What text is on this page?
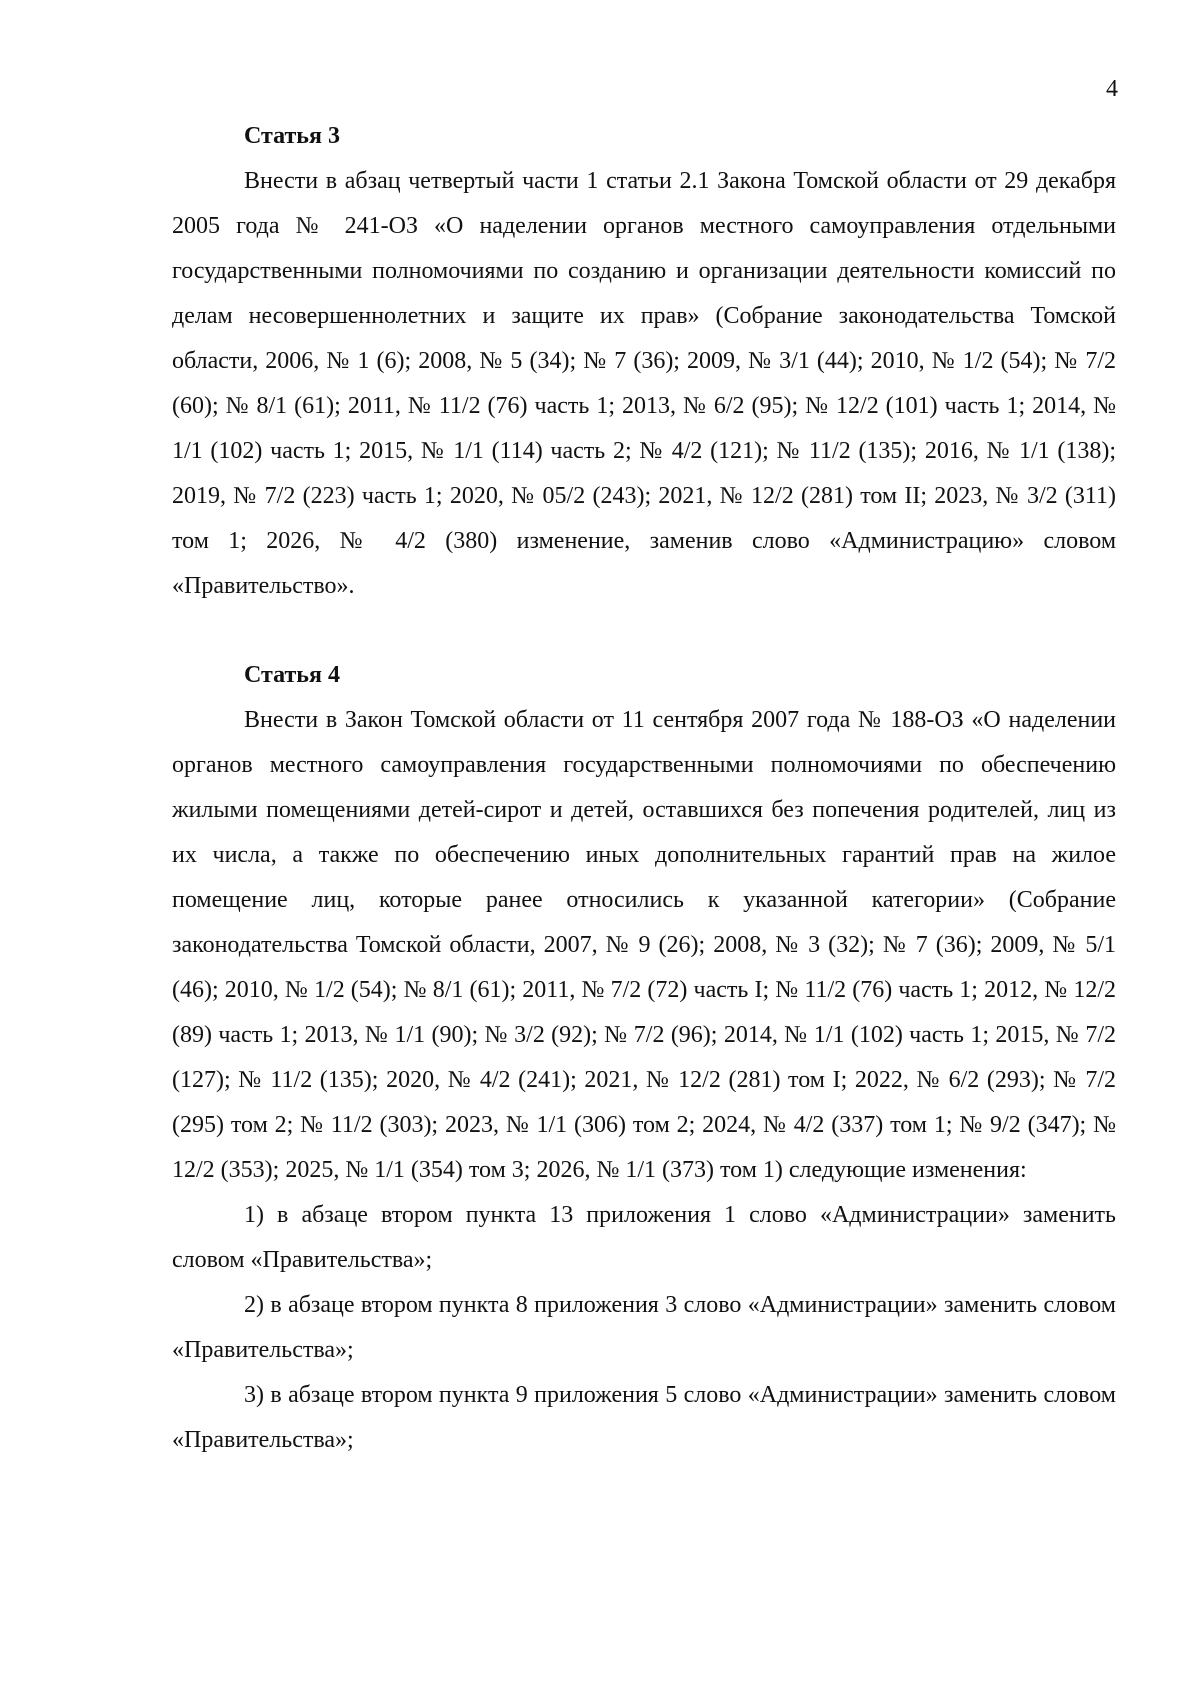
4
Статья 3

Внести в абзац четвертый части 1 статьи 2.1 Закона Томской области от 29 декабря 2005 года № 241-ОЗ «О наделении органов местного самоуправления отдельными государственными полномочиями по созданию и организации деятельности комиссий по делам несовершеннолетних и защите их прав» (Собрание законодательства Томской области, 2006, № 1 (6); 2008, № 5 (34); № 7 (36); 2009, № 3/1 (44); 2010, № 1/2 (54); № 7/2 (60); № 8/1 (61); 2011, № 11/2 (76) часть 1; 2013, № 6/2 (95); № 12/2 (101) часть 1; 2014, № 1/1 (102) часть 1; 2015, № 1/1 (114) часть 2; № 4/2 (121); № 11/2 (135); 2016, № 1/1 (138); 2019, № 7/2 (223) часть 1; 2020, № 05/2 (243); 2021, № 12/2 (281) том II; 2023, № 3/2 (311) том 1; 2026, № 4/2 (380) изменение, заменив слово «Администрацию» словом «Правительство».

Статья 4

Внести в Закон Томской области от 11 сентября 2007 года № 188-ОЗ «О наделении органов местного самоуправления государственными полномочиями по обеспечению жилыми помещениями детей-сирот и детей, оставшихся без попечения родителей, лиц из их числа, а также по обеспечению иных дополнительных гарантий прав на жилое помещение лиц, которые ранее относились к указанной категории» (Собрание законодательства Томской области, 2007, № 9 (26); 2008, № 3 (32); № 7 (36); 2009, № 5/1 (46); 2010, № 1/2 (54); № 8/1 (61); 2011, № 7/2 (72) часть I; № 11/2 (76) часть 1; 2012, № 12/2 (89) часть 1; 2013, № 1/1 (90); № 3/2 (92); № 7/2 (96); 2014, № 1/1 (102) часть 1; 2015, № 7/2 (127); № 11/2 (135); 2020, № 4/2 (241); 2021, № 12/2 (281) том I; 2022, № 6/2 (293); № 7/2 (295) том 2; № 11/2 (303); 2023, № 1/1 (306) том 2; 2024, № 4/2 (337) том 1; № 9/2 (347); № 12/2 (353); 2025, № 1/1 (354) том 3; 2026, № 1/1 (373) том 1) следующие изменения:

1) в абзаце втором пункта 13 приложения 1 слово «Администрации» заменить словом «Правительства»;

2) в абзаце втором пункта 8 приложения 3 слово «Администрации» заменить словом «Правительства»;

3) в абзаце втором пункта 9 приложения 5 слово «Администрации» заменить словом «Правительства»;
